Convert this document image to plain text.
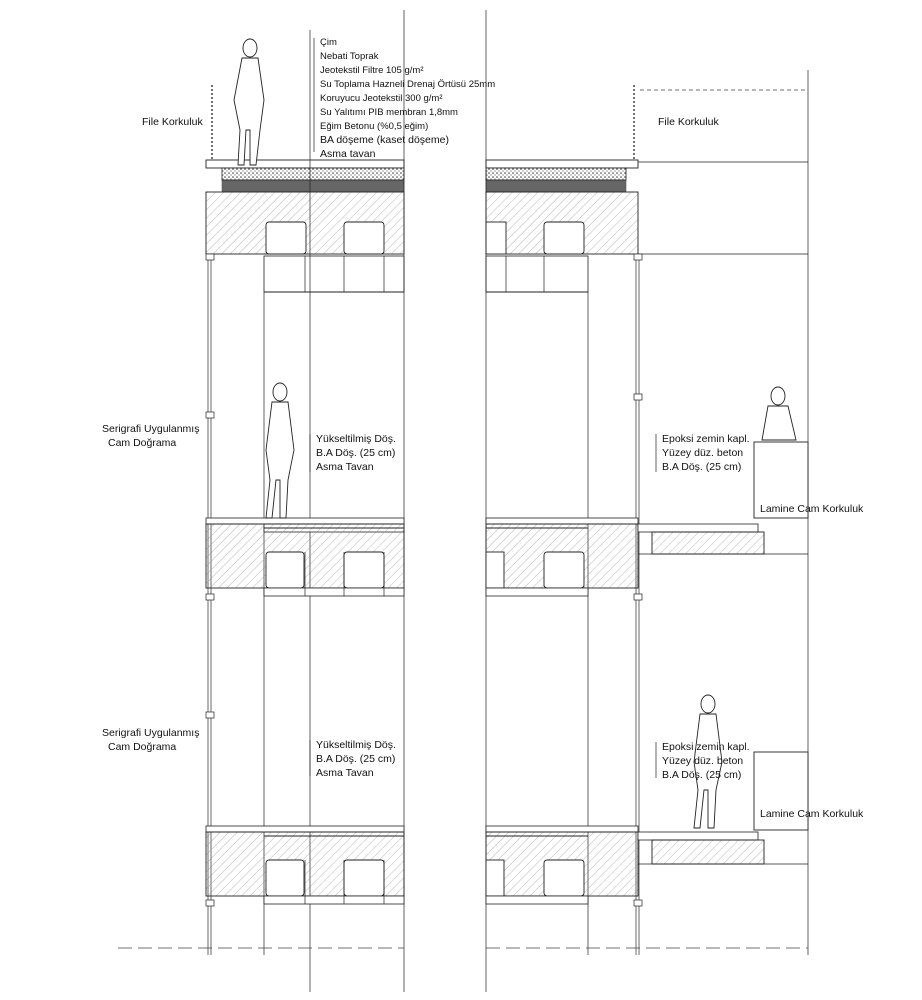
Çim
Nebati Toprak
Jeotekstil Filtre 105 g/m²
Su Toplama Hazneli Drenaj Örtüsü 25mm
Koruyucu Jeotekstil 300 g/m²
Su Yalıtımı PIB membran 1,8mm
Eğim Betonu (%0,5 eğim)
BA döşeme (kaset döşeme)
Asma tavan
File Korkuluk	File Korkuluk
Serigrafi Uygulanmış
Cam Doğrama	Yükseltilmiş Döş.
B.A Döş. (25 cm)
Asma Tavan
Epoksi zemin kapl.
Yüzey düz. beton
B.A Döş. (25 cm)
Lamine Cam Korkuluk
Serigrafi Uygulanmış
Cam Doğrama	Yükseltilmiş Döş.
B.A Döş. (25 cm)
Asma Tavan
Epoksi zemin kapl.
Yüzey düz. beton
B.A Döş. (25 cm)
Lamine Cam Korkuluk
